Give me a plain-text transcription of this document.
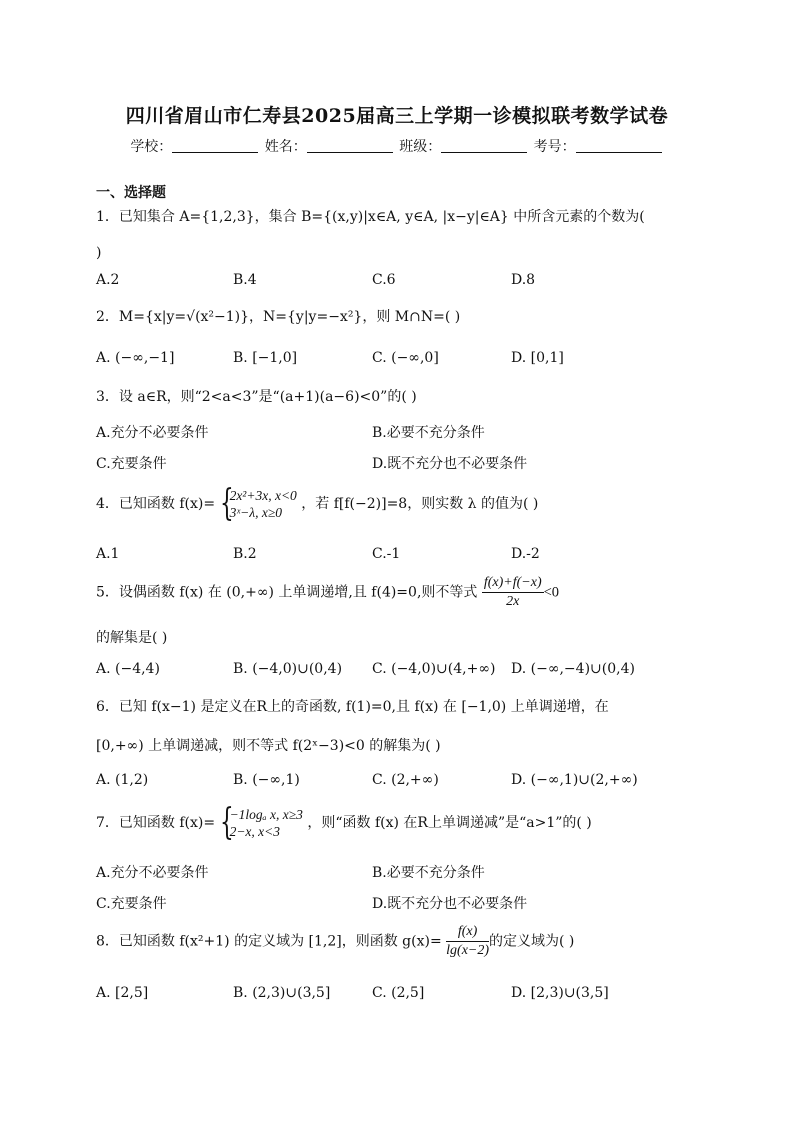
四川省眉山市仁寿县2025届高三上学期一诊模拟联考数学试卷
学校：	姓名：	班级：	考号：
一、选择题
1．已知集合 A={1,2,3}，集合 B={(x,y)|x∈A, y∈A, |x−y|∈A} 中所含元素的个数为(
)
A.2	B.4	C.6	D.8
2．M={x|y=√(x²−1)}，N={y|y=−x²}，则 M∩N=( )
A. (−∞,−1]	B. [−1,0]	C. (−∞,0]	D. [0,1]
3．设 a∈R，则“2<a<3”是“(a+1)(a−6)<0”的( )
A.充分不必要条件	B.必要不充分条件
C.充要条件	D.既不充分也不必要条件
4．已知函数 f(x)= {
2x²+3x, x<0
3ˣ−λ, x≥0
，若 f[f(−2)]=8，则实数 λ 的值为( )
A.1	B.2	C.-1	D.-2
5．设偶函数 f(x) 在 (0,+∞) 上单调递增,且 f(4)=0,则不等式 $\frac{f(x)+f(-x)}{2x} <0$
的解集是( )
A. (−4,4)	B. (−4,0)∪(0,4) C. (−4,0)∪(4,+∞) D. (−∞,−4)∪(0,4)
6．已知 f(x−1) 是定义在R上的奇函数, f(1)=0,且 f(x) 在 [−1,0) 上单调递增，在
[0,+∞) 上单调递减，则不等式 f(2ˣ−3)<0 的解集为( )
A. (1,2)	B. (−∞,1)	C. (2,+∞)	D. (−∞,1)∪(2,+∞)
7．已知函数 f(x)= {
−1logₐ x, x≥3
2−x, x<3
，则“函数 f(x) 在R上单调递减”是“a>1”的( )
A.充分不必要条件	B.必要不充分条件
C.充要条件	D.既不充分也不必要条件
8．已知函数 f(x²+1) 的定义域为 [1,2]，则函数 $g(x)= \frac{f(x)}{\lg(x-2)}$ 的定义域为( )
A. [2,5]	B. (2,3)∪(3,5]	C. (2,5]	D. [2,3)∪(3,5]
